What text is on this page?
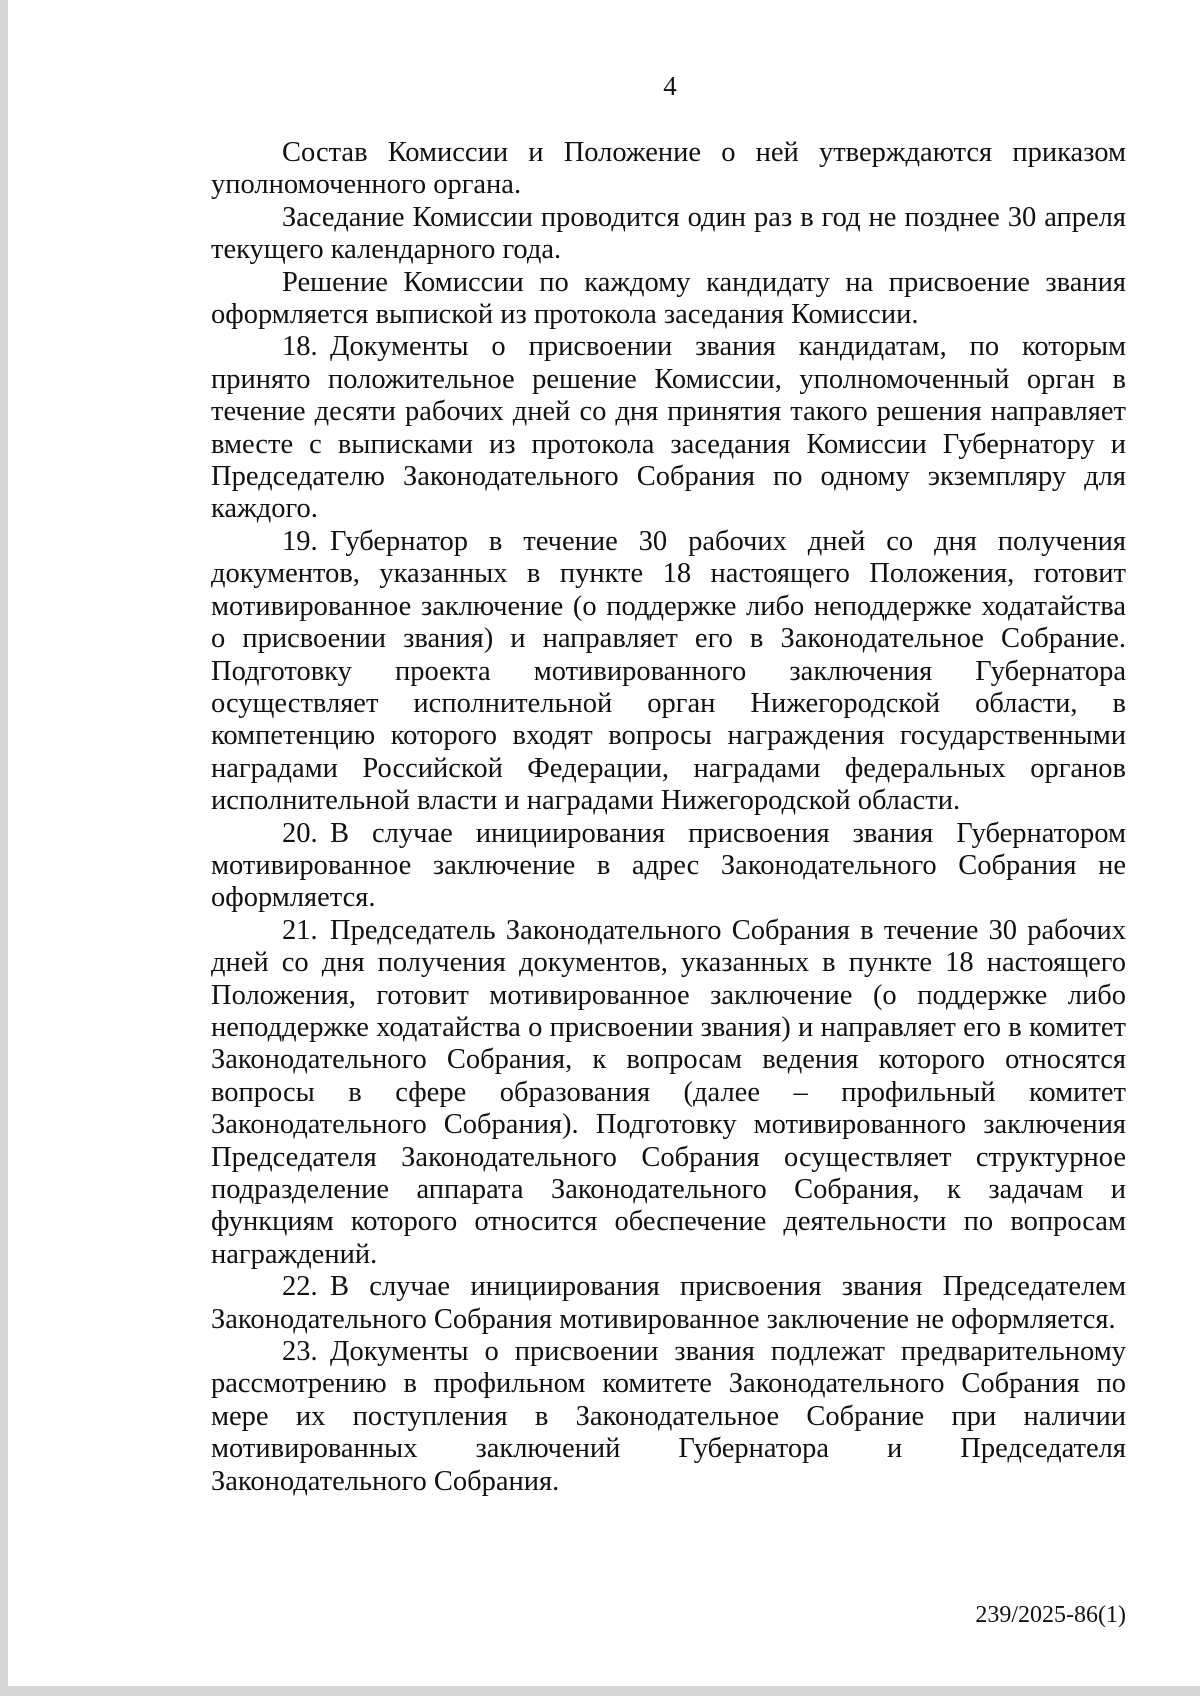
4

Состав Комиссии и Положение о ней утверждаются приказом уполномоченного органа.

Заседание Комиссии проводится один раз в год не позднее 30 апреля текущего календарного года.

Решение Комиссии по каждому кандидату на присвоение звания оформляется выпиской из протокола заседания Комиссии.

18. Документы о присвоении звания кандидатам, по которым принято положительное решение Комиссии, уполномоченный орган в течение десяти рабочих дней со дня принятия такого решения направляет вместе с выписками из протокола заседания Комиссии Губернатору и Председателю Законодательного Собрания по одному экземпляру для каждого.

19. Губернатор в течение 30 рабочих дней со дня получения документов, указанных в пункте 18 настоящего Положения, готовит мотивированное заключение (о поддержке либо неподдержке ходатайства о присвоении звания) и направляет его в Законодательное Собрание. Подготовку проекта мотивированного заключения Губернатора осуществляет исполнительной орган Нижегородской области, в компетенцию которого входят вопросы награждения государственными наградами Российской Федерации, наградами федеральных органов исполнительной власти и наградами Нижегородской области.

20. В случае инициирования присвоения звания Губернатором мотивированное заключение в адрес Законодательного Собрания не оформляется.

21. Председатель Законодательного Собрания в течение 30 рабочих дней со дня получения документов, указанных в пункте 18 настоящего Положения, готовит мотивированное заключение (о поддержке либо неподдержке ходатайства о присвоении звания) и направляет его в комитет Законодательного Собрания, к вопросам ведения которого относятся вопросы в сфере образования (далее – профильный комитет Законодательного Собрания). Подготовку мотивированного заключения Председателя Законодательного Собрания осуществляет структурное подразделение аппарата Законодательного Собрания, к задачам и функциям которого относится обеспечение деятельности по вопросам награждений.

22. В случае инициирования присвоения звания Председателем Законодательного Собрания мотивированное заключение не оформляется.

23. Документы о присвоении звания подлежат предварительному рассмотрению в профильном комитете Законодательного Собрания по мере их поступления в Законодательное Собрание при наличии мотивированных заключений Губернатора и Председателя Законодательного Собрания.

239/2025-86(1)
